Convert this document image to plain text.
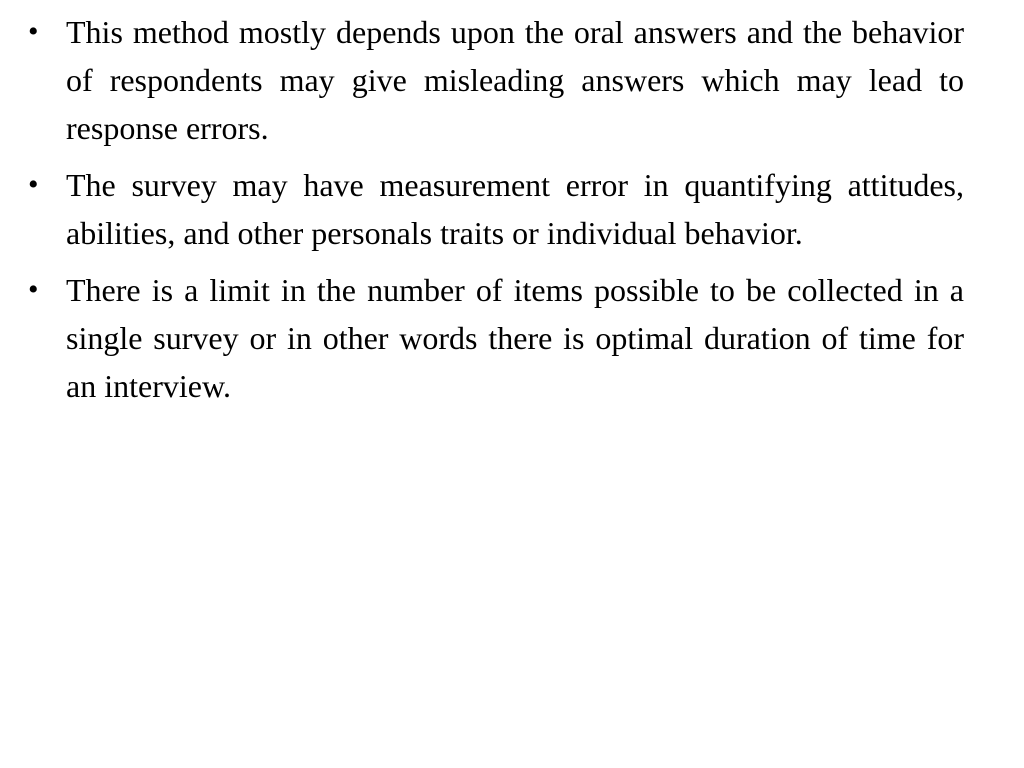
• This method mostly depends upon the oral answers and the behavior of respondents may give misleading answers which may lead to response errors.
• The survey may have measurement error in quantifying attitudes, abilities, and other personals traits or individual behavior.
• There is a limit in the number of items possible to be collected in a single survey or in other words there is optimal duration of time for an interview.
